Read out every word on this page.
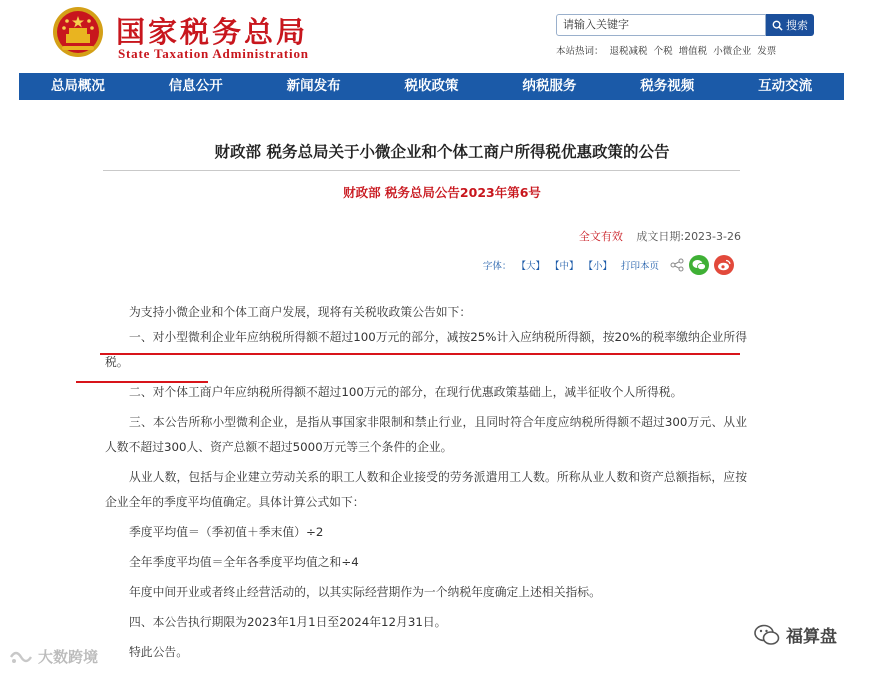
国家税务总局
State Taxation Administration
请输入关键字	搜索
本站热词： 退税减税 个税 增值税 小微企业 发票
总局概况	信息公开	新闻发布	税收政策	纳税服务	税务视频	互动交流
财政部 税务总局关于小微企业和个体工商户所得税优惠政策的公告
财政部 税务总局公告2023年第6号
全文有效 成文日期:2023-3-26
字体： 【大】 【中】 【小】 打印本页

为支持小微企业和个体工商户发展，现将有关税收政策公告如下：

一、对小型微利企业年应纳税所得额不超过100万元的部分，减按25%计入应纳税所得额，按20%的税率缴纳企业所得税。

二、对个体工商户年应纳税所得额不超过100万元的部分，在现行优惠政策基础上，减半征收个人所得税。

三、本公告所称小型微利企业，是指从事国家非限制和禁止行业，且同时符合年度应纳税所得额不超过300万元、从业人数不超过300人、资产总额不超过5000万元等三个条件的企业。

从业人数，包括与企业建立劳动关系的职工人数和企业接受的劳务派遣用工人数。所称从业人数和资产总额指标，应按企业全年的季度平均值确定。具体计算公式如下：

季度平均值＝（季初值＋季末值）÷2

全年季度平均值＝全年各季度平均值之和÷4

年度中间开业或者终止经营活动的，以其实际经营期作为一个纳税年度确定上述相关指标。

四、本公告执行期限为2023年1月1日至2024年12月31日。

特此公告。

大数跨境
福算盘
